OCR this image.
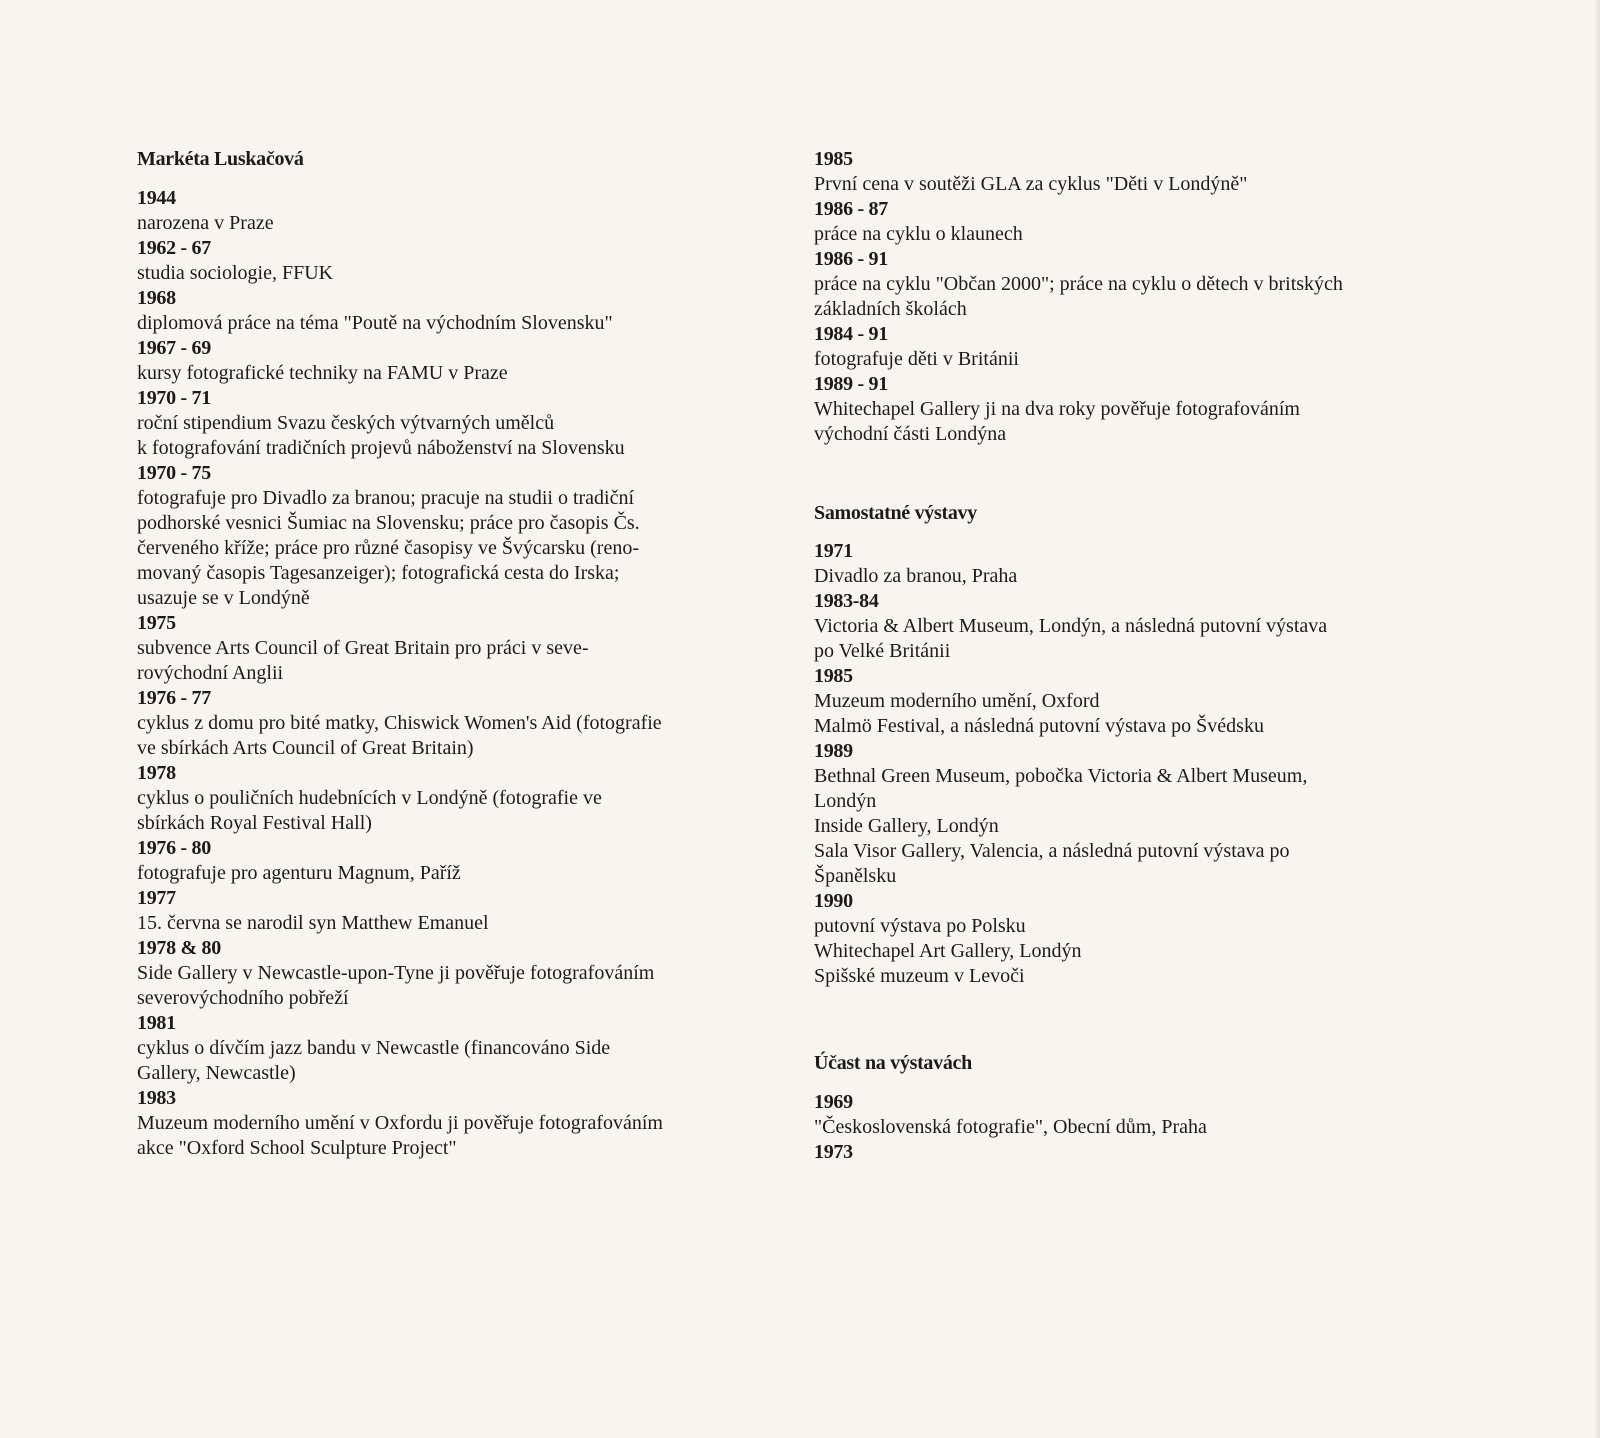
Markéta Luskačová
1944
narozena v Praze
1962 - 67
studia sociologie, FFUK
1968
diplomová práce na téma "Poutě na východním Slovensku"
1967 - 69
kursy fotografické techniky na FAMU v Praze
1970 - 71
roční stipendium Svazu českých výtvarných umělců
k fotografování tradičních projevů náboženství na Slovensku
1970 - 75
fotografuje pro Divadlo za branou; pracuje na studii o tradiční
podhorské vesnici Šumiac na Slovensku; práce pro časopis Čs.
červeného kříže; práce pro různé časopisy ve Švýcarsku (reno-
movaný časopis Tagesanzeiger); fotografická cesta do Irska;
usazuje se v Londýně
1975
subvence Arts Council of Great Britain pro práci v seve-
rovýchodní Anglii
1976 - 77
cyklus z domu pro bité matky, Chiswick Women's Aid (fotografie
ve sbírkách Arts Council of Great Britain)
1978
cyklus o pouličních hudebnících v Londýně (fotografie ve
sbírkách Royal Festival Hall)
1976 - 80
fotografuje pro agenturu Magnum, Paříž
1977
15. června se narodil syn Matthew Emanuel
1978 & 80
Side Gallery v Newcastle-upon-Tyne ji pověřuje fotografováním
severovýchodního pobřeží
1981
cyklus o dívčím jazz bandu v Newcastle (financováno Side
Gallery, Newcastle)
1983
Muzeum moderního umění v Oxfordu ji pověřuje fotografováním
akce "Oxford School Sculpture Project"
1985
První cena v soutěži GLA za cyklus "Děti v Londýně"
1986 - 87
práce na cyklu o klaunech
1986 - 91
práce na cyklu "Občan 2000"; práce na cyklu o dětech v britských
základních školách
1984 - 91
fotografuje děti v Británii
1989 - 91
Whitechapel Gallery ji na dva roky pověřuje fotografováním
východní části Londýna
Samostatné výstavy
1971
Divadlo za branou, Praha
1983-84
Victoria & Albert Museum, Londýn, a následná putovní výstava
po Velké Británii
1985
Muzeum moderního umění, Oxford
Malmö Festival, a následná putovní výstava po Švédsku
1989
Bethnal Green Museum, pobočka Victoria & Albert Museum,
Londýn
Inside Gallery, Londýn
Sala Visor Gallery, Valencia, a následná putovní výstava po
Španělsku
1990
putovní výstava po Polsku
Whitechapel Art Gallery, Londýn
Spišské muzeum v Levoči
Účast na výstavách
1969
"Československá fotografie", Obecní dům, Praha
1973
